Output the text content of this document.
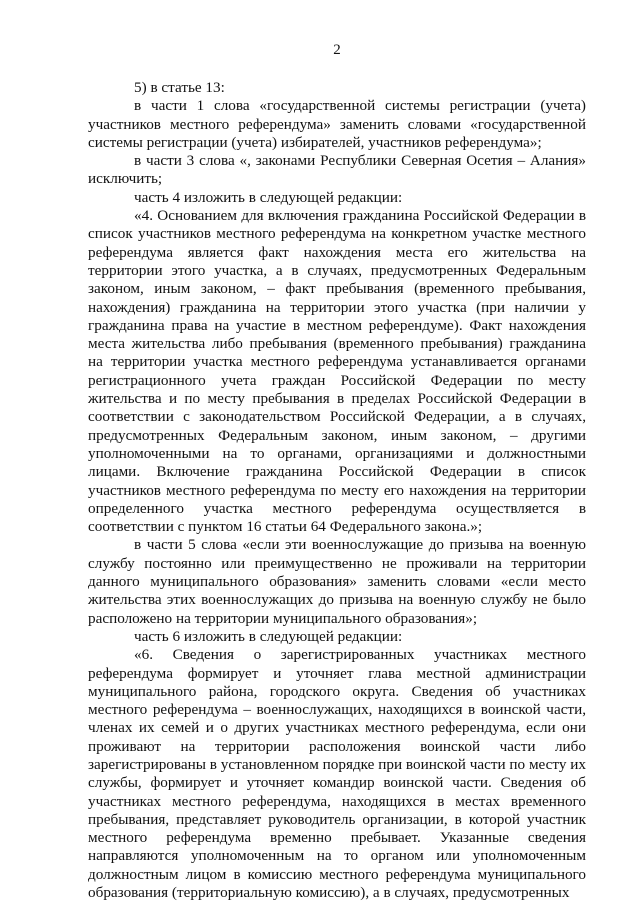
2

5) в статье 13:

в части 1 слова «государственной системы регистрации (учета) участников местного референдума» заменить словами «государственной системы регистрации (учета) избирателей, участников референдума»;

в части 3 слова «, законами Республики Северная Осетия – Алания» исключить;

часть 4 изложить в следующей редакции:

«4. Основанием для включения гражданина Российской Федерации в список участников местного референдума на конкретном участке местного референдума является факт нахождения места его жительства на территории этого участка, а в случаях, предусмотренных Федеральным законом, иным законом, – факт пребывания (временного пребывания, нахождения) гражданина на территории этого участка (при наличии у гражданина права на участие в местном референдуме). Факт нахождения места жительства либо пребывания (временного пребывания) гражданина на территории участка местного референдума устанавливается органами регистрационного учета граждан Российской Федерации по месту жительства и по месту пребывания в пределах Российской Федерации в соответствии с законодательством Российской Федерации, а в случаях, предусмотренных Федеральным законом, иным законом, – другими уполномоченными на то органами, организациями и должностными лицами. Включение гражданина Российской Федерации в список участников местного референдума по месту его нахождения на территории определенного участка местного референдума осуществляется в соответствии с пунктом 16 статьи 64 Федерального закона.»;

в части 5 слова «если эти военнослужащие до призыва на военную службу постоянно или преимущественно не проживали на территории данного муниципального образования» заменить словами «если место жительства этих военнослужащих до призыва на военную службу не было расположено на территории муниципального образования»;

часть 6 изложить в следующей редакции:

«6. Сведения о зарегистрированных участниках местного референдума формирует и уточняет глава местной администрации муниципального района, городского округа. Сведения об участниках местного референдума – военнослужащих, находящихся в воинской части, членах их семей и о других участниках местного референдума, если они проживают на территории расположения воинской части либо зарегистрированы в установленном порядке при воинской части по месту их службы, формирует и уточняет командир воинской части. Сведения об участниках местного референдума, находящихся в местах временного пребывания, представляет руководитель организации, в которой участник местного референдума временно пребывает. Указанные сведения направляются уполномоченным на то органом или уполномоченным должностным лицом в комиссию местного референдума муниципального образования (территориальную комиссию), а в случаях, предусмотренных
